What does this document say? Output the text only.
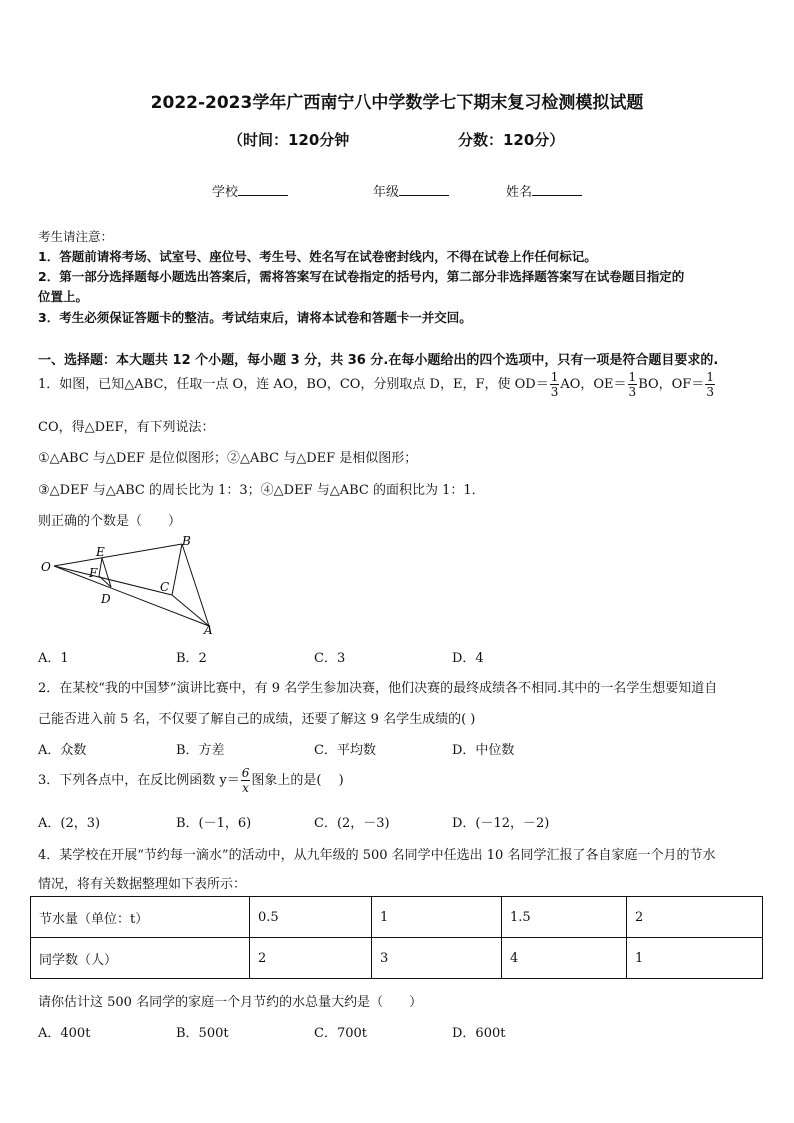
2022-2023学年广西南宁八中学数学七下期末复习检测模拟试题
（时间：120分钟	分数：120分）
学校	年级	姓名
考生请注意：
1．答题前请将考场、试室号、座位号、考生号、姓名写在试卷密封线内，不得在试卷上作任何标记。
2．第一部分选择题每小题选出答案后，需将答案写在试卷指定的括号内，第二部分非选择题答案写在试卷题目指定的
位置上。
3．考生必须保证答题卡的整洁。考试结束后，请将本试卷和答题卡一并交回。
一、选择题：本大题共 12 个小题，每小题 3 分，共 36 分.在每小题给出的四个选项中，只有一项是符合题目要求的.
1．如图，已知△ABC，任取一点 O，连 AO，BO，CO，分别取点 D，E，F，使 $OD= \frac{1}{3}$ AO，$OE= \frac{1}{3}$ BO，$OF= \frac{1}{3}$
CO，得△DEF，有下列说法：
①△ABC 与△DEF 是位似图形；②△ABC 与△DEF 是相似图形；
③△DEF 与△ABC 的周长比为 1：3；④△DEF 与△ABC 的面积比为 1：1．
则正确的个数是（　　）
O
E
F
D
B
C
A
A．1	B．2	C．3	D．4
2．在某校“我的中国梦”演讲比赛中，有 9 名学生参加决赛，他们决赛的最终成绩各不相同.其中的一名学生想要知道自
己能否进入前 5 名，不仅要了解自己的成绩，还要了解这 9 名学生成绩的( )
A．众数	B．方差	C．平均数	D．中位数
3．下列各点中，在反比例函数 $y= \frac{6}{x}$ 图象上的是(　 )
A．(2，3)	B．(－1，6)	C．(2，－3)	D．(－12，－2)
4．某学校在开展“节约每一滴水”的活动中，从九年级的 500 名同学中任选出 10 名同学汇报了各自家庭一个月的节水
情况，将有关数据整理如下表所示：
节水量（单位：t）	0.5	1	1.5	2
同学数（人）	2	3	4	1
请你估计这 500 名同学的家庭一个月节约的水总量大约是（　　）
A．400t	B．500t	C．700t	D．600t
